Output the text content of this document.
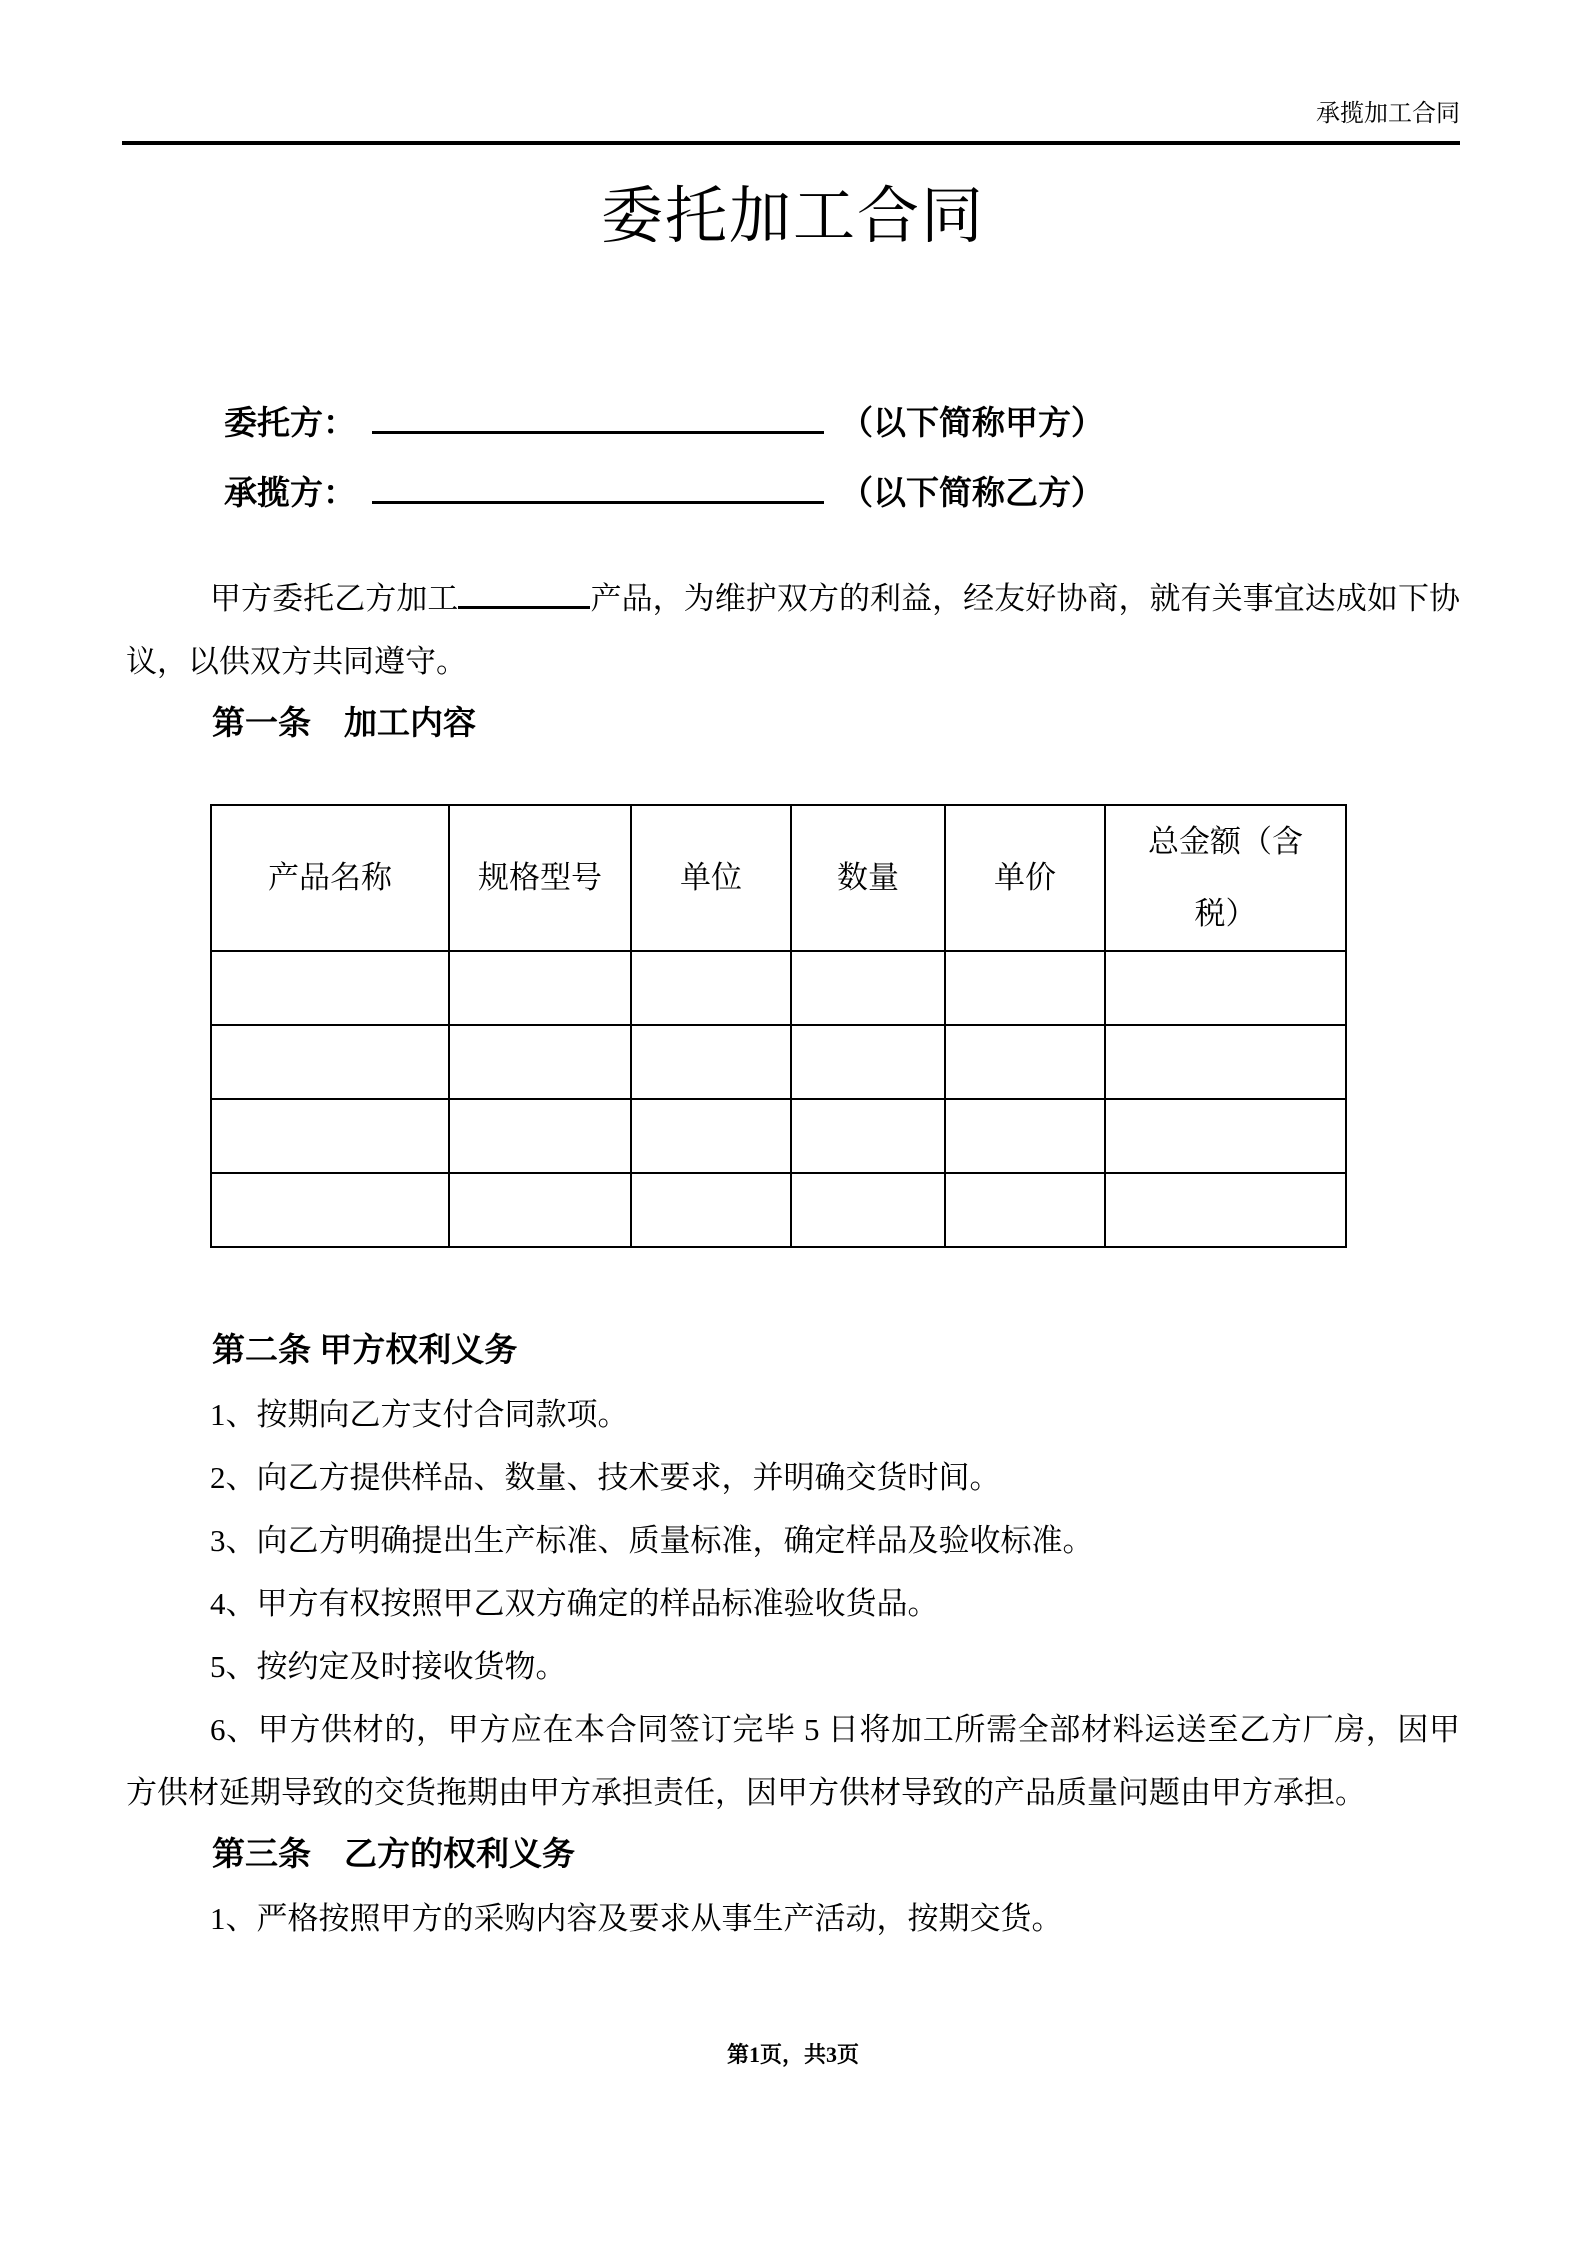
承揽加工合同
委托加工合同
委托方：	（以下简称甲方）
承揽方：	（以下简称乙方）

甲方委托乙方加工	产品，为维护双方的利益，经友好协商，就有关事宜达成如下协议，以供双方共同遵守。

第一条　加工内容
产品名称	规格型号	单位	数量	单价	总金额（含税）

第二条 甲方权利义务

1、按期向乙方支付合同款项。

2、向乙方提供样品、数量、技术要求，并明确交货时间。

3、向乙方明确提出生产标准、质量标准，确定样品及验收标准。

4、甲方有权按照甲乙双方确定的样品标准验收货品。

5、按约定及时接收货物。

6、甲方供材的，甲方应在本合同签订完毕 5 日将加工所需全部材料运送至乙方厂房，因甲方供材延期导致的交货拖期由甲方承担责任，因甲方供材导致的产品质量问题由甲方承担。

第三条　乙方的权利义务

1、严格按照甲方的采购内容及要求从事生产活动，按期交货。

第1页，共3页
